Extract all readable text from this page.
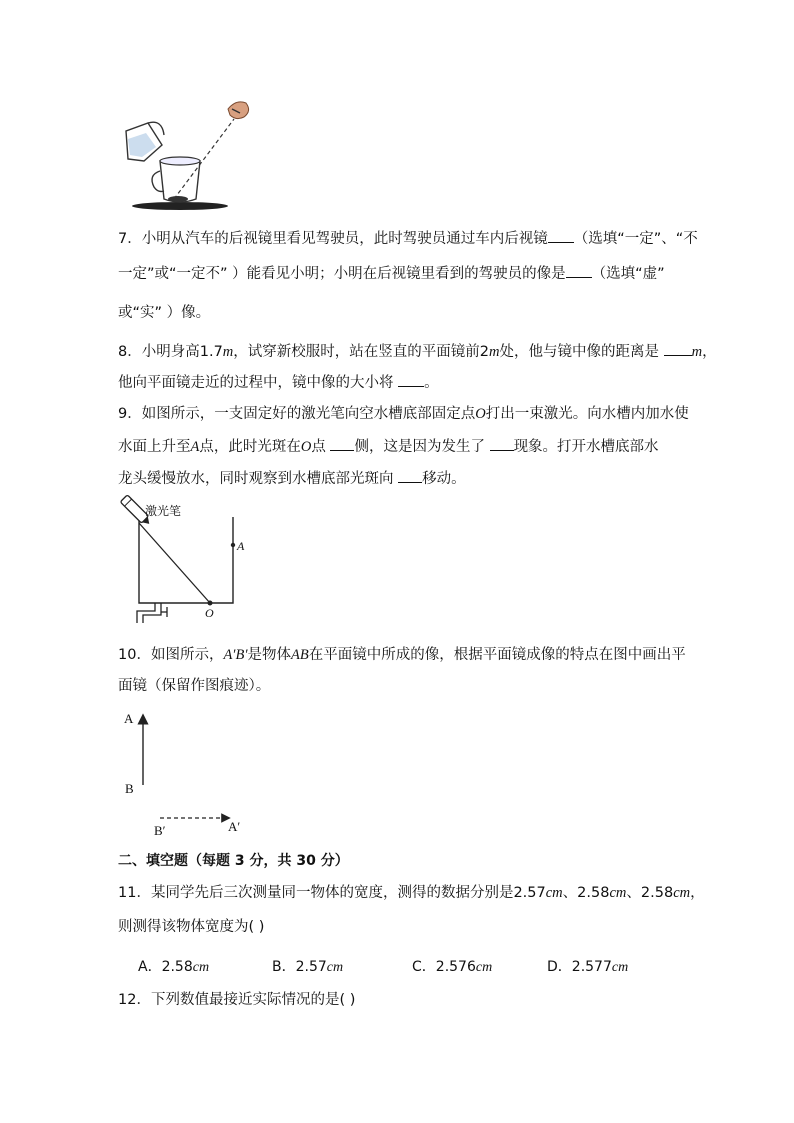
7．小明从汽车的后视镜里看见驾驶员，此时驾驶员通过车内后视镜 （选填“一定”、“不
一定”或“一定不” ）能看见小明；小明在后视镜里看到的驾驶员的像是 （选填“虚”
或“实” ）像。
8．小明身高1.7m，试穿新校服时，站在竖直的平面镜前2m处，他与镜中像的距离是 m，
他向平面镜走近的过程中，镜中像的大小将 。
9．如图所示，一支固定好的激光笔向空水槽底部固定点O打出一束激光。向水槽内加水使
水面上升至A点，此时光斑在O点 侧，这是因为发生了 现象。打开水槽底部水
龙头缓慢放水，同时观察到水槽底部光斑向 移动。
激光笔
A
O
10．如图所示，A′B′是物体AB在平面镜中所成的像，根据平面镜成像的特点在图中画出平
面镜（保留作图痕迹）。
A
B
B′	A′
二、填空题（每题 3 分，共 30 分）
11．某同学先后三次测量同一物体的宽度，测得的数据分别是2.57cm、2.58cm、2.58cm，
则测得该物体宽度为( )
A．2.58cm	B．2.57cm	C．2.576cm	D．2.577cm
12．下列数值最接近实际情况的是( )
